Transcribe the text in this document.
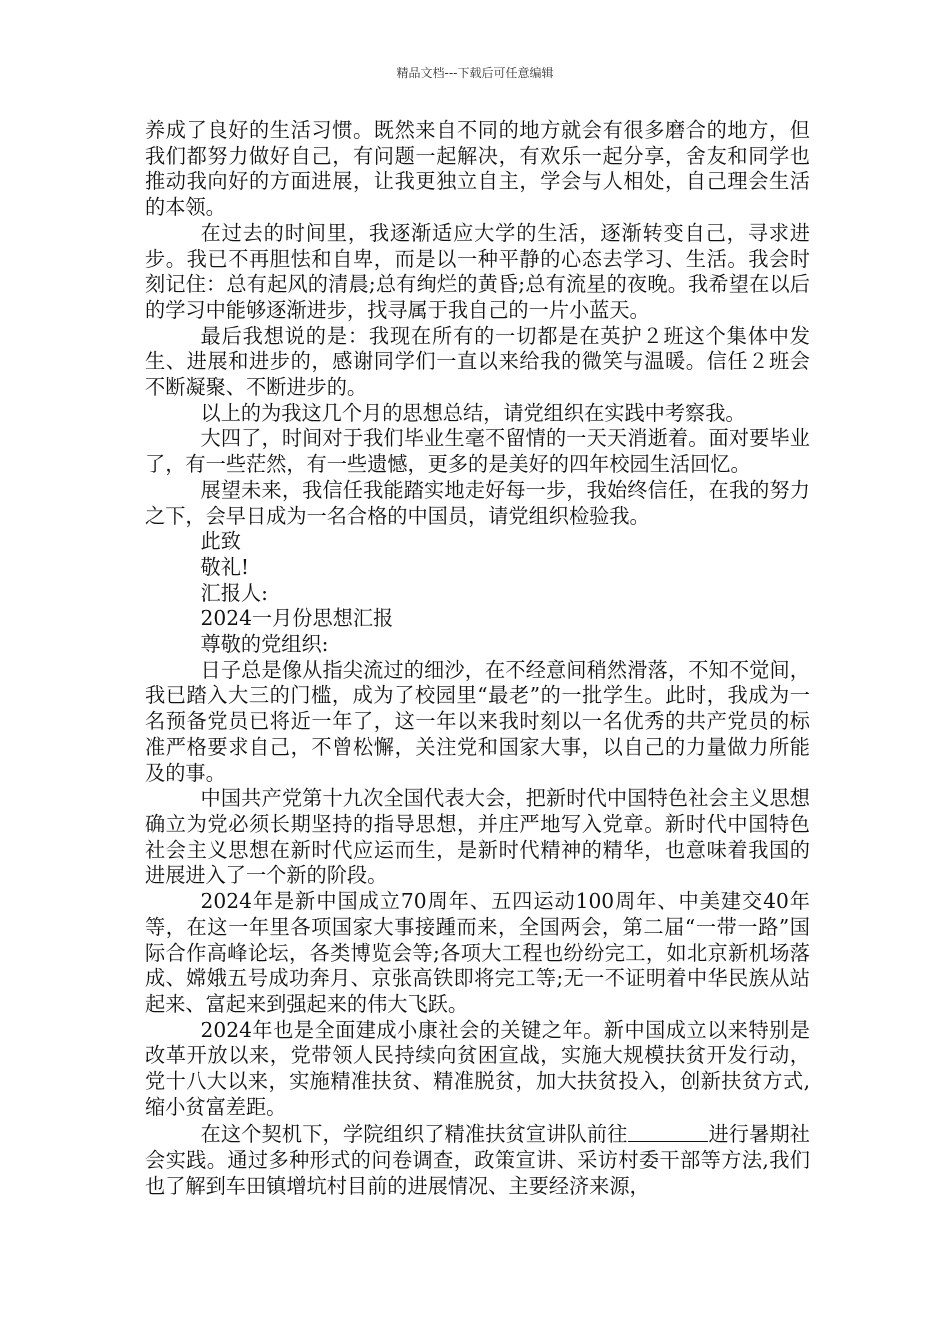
精品文档---下载后可任意编辑

养成了良好的生活习惯。既然来自不同的地方就会有很多磨合的地方，但我们都努力做好自己，有问题一起解决，有欢乐一起分享，舍友和同学也推动我向好的方面进展，让我更独立自主，学会与人相处，自己理会生活的本领。

在过去的时间里，我逐渐适应大学的生活，逐渐转变自己，寻求进步。我已不再胆怯和自卑，而是以一种平静的心态去学习、生活。我会时刻记住：总有起风的清晨;总有绚烂的黄昏;总有流星的夜晚。我希望在以后的学习中能够逐渐进步，找寻属于我自己的一片小蓝天。

最后我想说的是：我现在所有的一切都是在英护２班这个集体中发生、进展和进步的，感谢同学们一直以来给我的微笑与温暖。信任２班会不断凝聚、不断进步的。

以上的为我这几个月的思想总结，请党组织在实践中考察我。

大四了，时间对于我们毕业生毫不留情的一天天消逝着。面对要毕业了，有一些茫然，有一些遗憾，更多的是美好的四年校园生活回忆。

展望未来，我信任我能踏实地走好每一步，我始终信任，在我的努力之下，会早日成为一名合格的中国员，请党组织检验我。

此致

敬礼!

汇报人:

2024一月份思想汇报

尊敬的党组织:

日子总是像从指尖流过的细沙，在不经意间稍然滑落，不知不觉间，我已踏入大三的门槛，成为了校园里“最老”的一批学生。此时，我成为一名预备党员已将近一年了，这一年以来我时刻以一名优秀的共产党员的标准严格要求自己，不曾松懈，关注党和国家大事，以自己的力量做力所能及的事。

中国共产党第十九次全国代表大会，把新时代中国特色社会主义思想确立为党必须长期坚持的指导思想，并庄严地写入党章。新时代中国特色社会主义思想在新时代应运而生，是新时代精神的精华，也意味着我国的进展进入了一个新的阶段。

2024年是新中国成立70周年、五四运动100周年、中美建交40年等，在这一年里各项国家大事接踵而来，全国两会，第二届“一带一路”国际合作高峰论坛，各类博览会等;各项大工程也纷纷完工，如北京新机场落成、嫦娥五号成功奔月、京张高铁即将完工等;无一不证明着中华民族从站起来、富起来到强起来的伟大飞跃。

2024年也是全面建成小康社会的关键之年。新中国成立以来特别是改革开放以来，党带领人民持续向贫困宣战，实施大规模扶贫开发行动，党十八大以来，实施精准扶贫、精准脱贫，加大扶贫投入，创新扶贫方式,缩小贫富差距。

在这个契机下，学院组织了精准扶贫宣讲队前往	进行暑期社会实践。通过多种形式的问卷调查，政策宣讲、采访村委干部等方法,我们也了解到车田镇增坑村目前的进展情况、主要经济来源，
